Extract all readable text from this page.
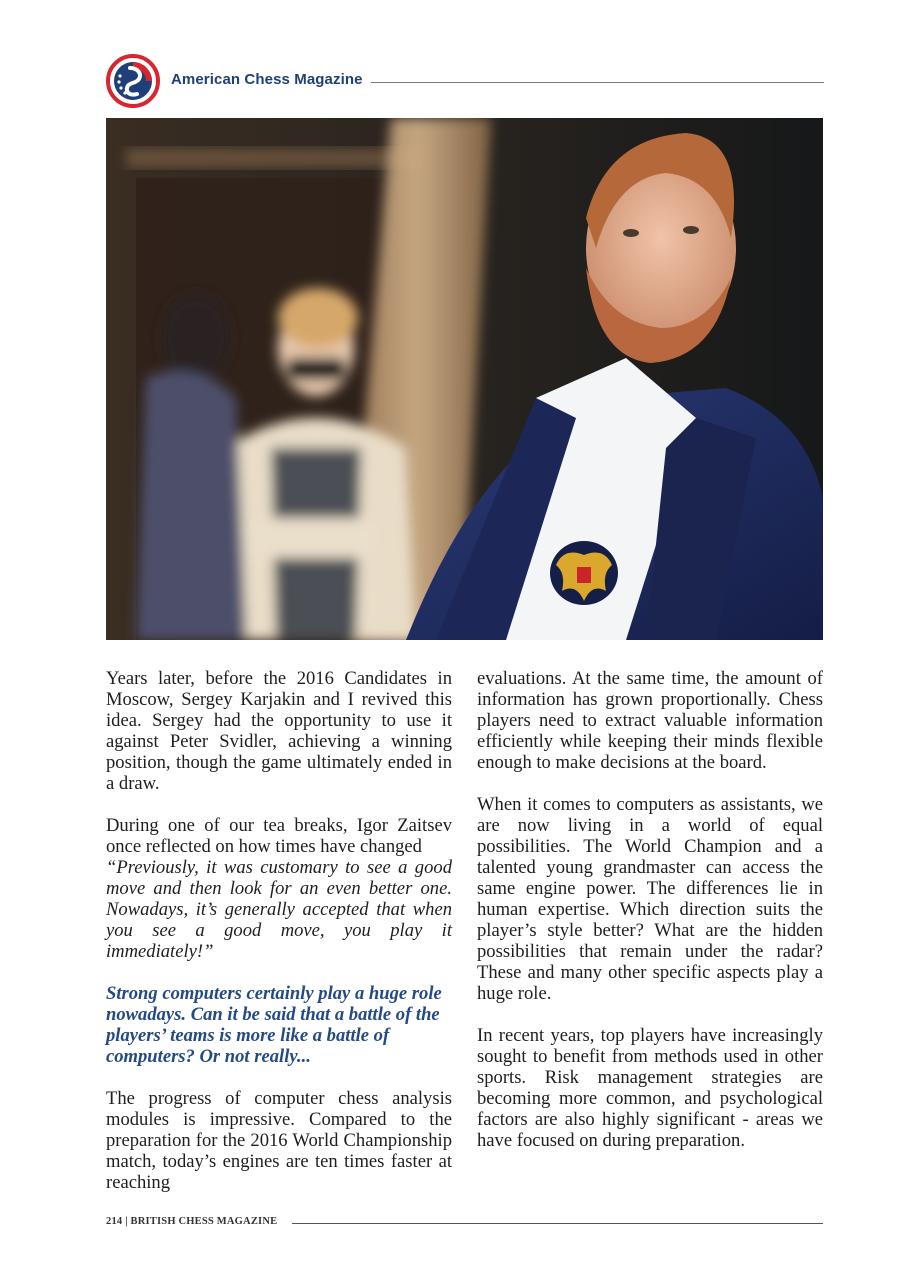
American Chess Magazine

Years later, before the 2016 Candidates in Moscow, Sergey Karjakin and I revived this idea. Sergey had the opportunity to use it against Peter Svidler, achieving a winning position, though the game ultimately ended in a draw.

During one of our tea breaks, Igor Zaitsev once reflected on how times have changed

“Previously, it was customary to see a good move and then look for an even better one. Nowadays, it’s generally accepted that when you see a good move, you play it immediately!”

Strong computers certainly play a huge role nowadays. Can it be said that a battle of the players’ teams is more like a battle of computers? Or not really...

The progress of computer chess analysis modules is impressive. Compared to the preparation for the 2016 World Championship match, today’s engines are ten times faster at reaching

evaluations. At the same time, the amount of information has grown proportionally. Chess players need to extract valuable information efficiently while keeping their minds flexible enough to make decisions at the board.

When it comes to computers as assistants, we are now living in a world of equal possibilities. The World Champion and a talented young grandmaster can access the same engine power. The differences lie in human expertise. Which direction suits the player’s style better? What are the hidden possibilities that remain under the radar? These and many other specific aspects play a huge role.

In recent years, top players have increasingly sought to benefit from methods used in other sports. Risk management strategies are becoming more common, and psychological factors are also highly significant - areas we have focused on during preparation.

214 | BRITISH CHESS MAGAZINE
